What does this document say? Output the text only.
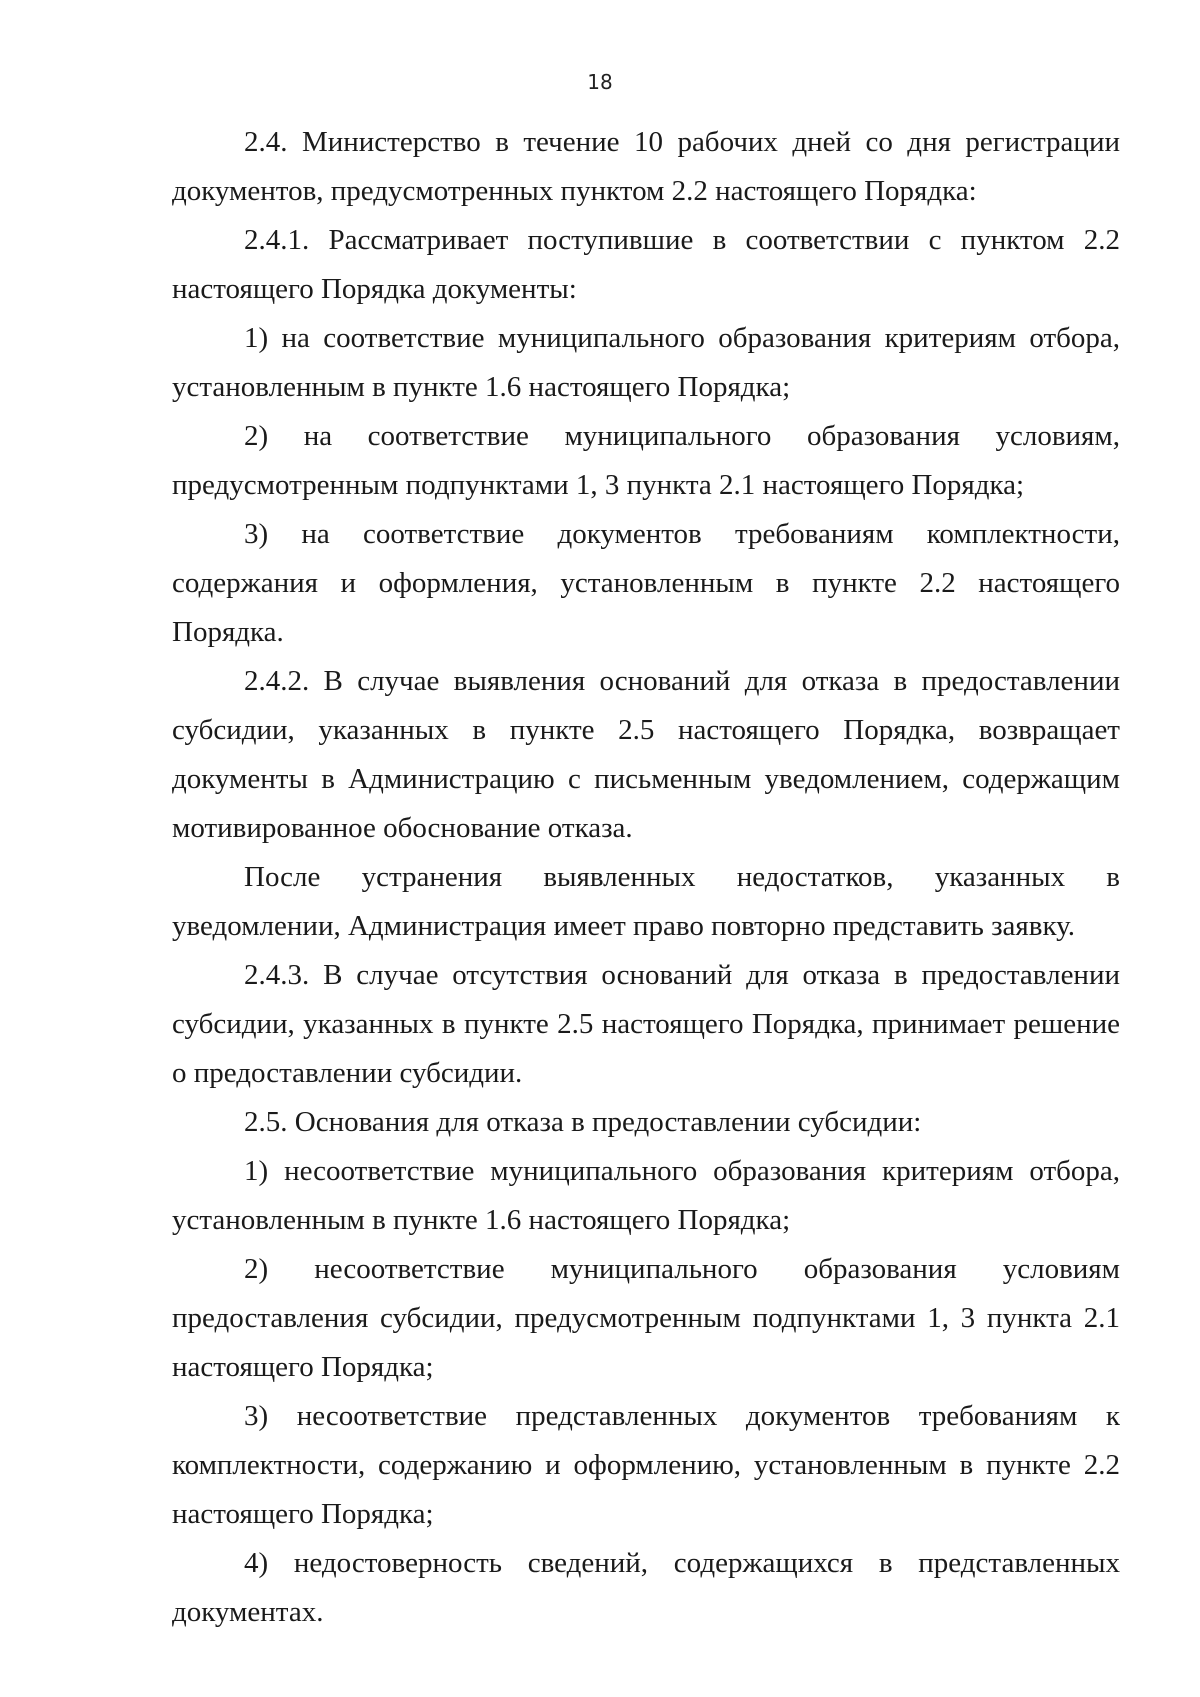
18

2.4. Министерство в течение 10 рабочих дней со дня регистрации документов, предусмотренных пунктом 2.2 настоящего Порядка:

2.4.1. Рассматривает поступившие в соответствии с пунктом 2.2 настоящего Порядка документы:

1) на соответствие муниципального образования критериям отбора, установленным в пункте 1.6 настоящего Порядка;

2) на соответствие муниципального образования условиям, предусмотренным подпунктами 1, 3 пункта 2.1 настоящего Порядка;

3) на соответствие документов требованиям комплектности, содержания и оформления, установленным в пункте 2.2 настоящего Порядка.

2.4.2. В случае выявления оснований для отказа в предоставлении субсидии, указанных в пункте 2.5 настоящего Порядка, возвращает документы в Администрацию с письменным уведомлением, содержащим мотивированное обоснование отказа.

После устранения выявленных недостатков, указанных в уведомлении, Администрация имеет право повторно представить заявку.

2.4.3. В случае отсутствия оснований для отказа в предоставлении субсидии, указанных в пункте 2.5 настоящего Порядка, принимает решение о предоставлении субсидии.

2.5. Основания для отказа в предоставлении субсидии:

1) несоответствие муниципального образования критериям отбора, установленным в пункте 1.6 настоящего Порядка;

2) несоответствие муниципального образования условиям предоставления субсидии, предусмотренным подпунктами 1, 3 пункта 2.1 настоящего Порядка;

3) несоответствие представленных документов требованиям к комплектности, содержанию и оформлению, установленным в пункте 2.2 настоящего Порядка;

4) недостоверность сведений, содержащихся в представленных документах.
